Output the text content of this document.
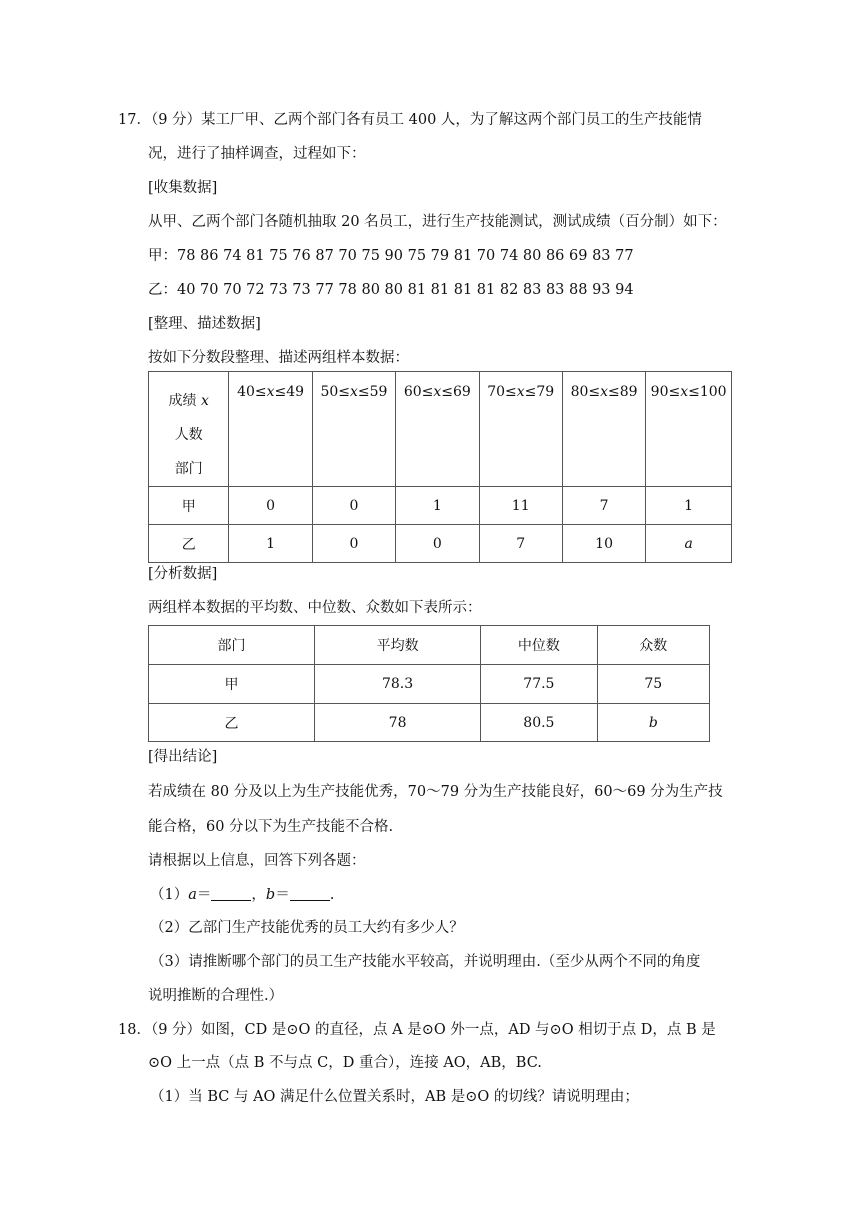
17．（9 分）某工厂甲、乙两个部门各有员工 400 人，为了解这两个部门员工的生产技能情
况，进行了抽样调查，过程如下：
[收集数据]
从甲、乙两个部门各随机抽取 20 名员工，进行生产技能测试，测试成绩（百分制）如下：
甲：78 86 74 81 75 76 87 70 75 90 75 79 81 70 74 80 86 69 83 77
乙：40 70 70 72 73 73 77 78 80 80 81 81 81 81 82 83 83 88 93 94
[整理、描述数据]
按如下分数段整理、描述两组样本数据：
成绩 x
人数
部门	40≤x≤49	50≤x≤59	60≤x≤69	70≤x≤79	80≤x≤89	90≤x≤100
甲	0	0	1	11	7	1
乙	1	0	0	7	10	a
[分析数据]
两组样本数据的平均数、中位数、众数如下表所示：
部门	平均数	中位数	众数
甲	78.3	77.5	75
乙	78	80.5	b
[得出结论]
若成绩在 80 分及以上为生产技能优秀，70～79 分为生产技能良好，60～69 分为生产技
能合格，60 分以下为生产技能不合格.
请根据以上信息，回答下列各题：
（1）a＝	，b＝	.
（2）乙部门生产技能优秀的员工大约有多少人？
（3）请推断哪个部门的员工生产技能水平较高，并说明理由.（至少从两个不同的角度
说明推断的合理性.）
18．（9 分）如图，CD 是⊙O 的直径，点 A 是⊙O 外一点，AD 与⊙O 相切于点 D，点 B 是
⊙O 上一点（点 B 不与点 C，D 重合），连接 AO，AB，BC.
（1）当 BC 与 AO 满足什么位置关系时，AB 是⊙O 的切线？请说明理由；
